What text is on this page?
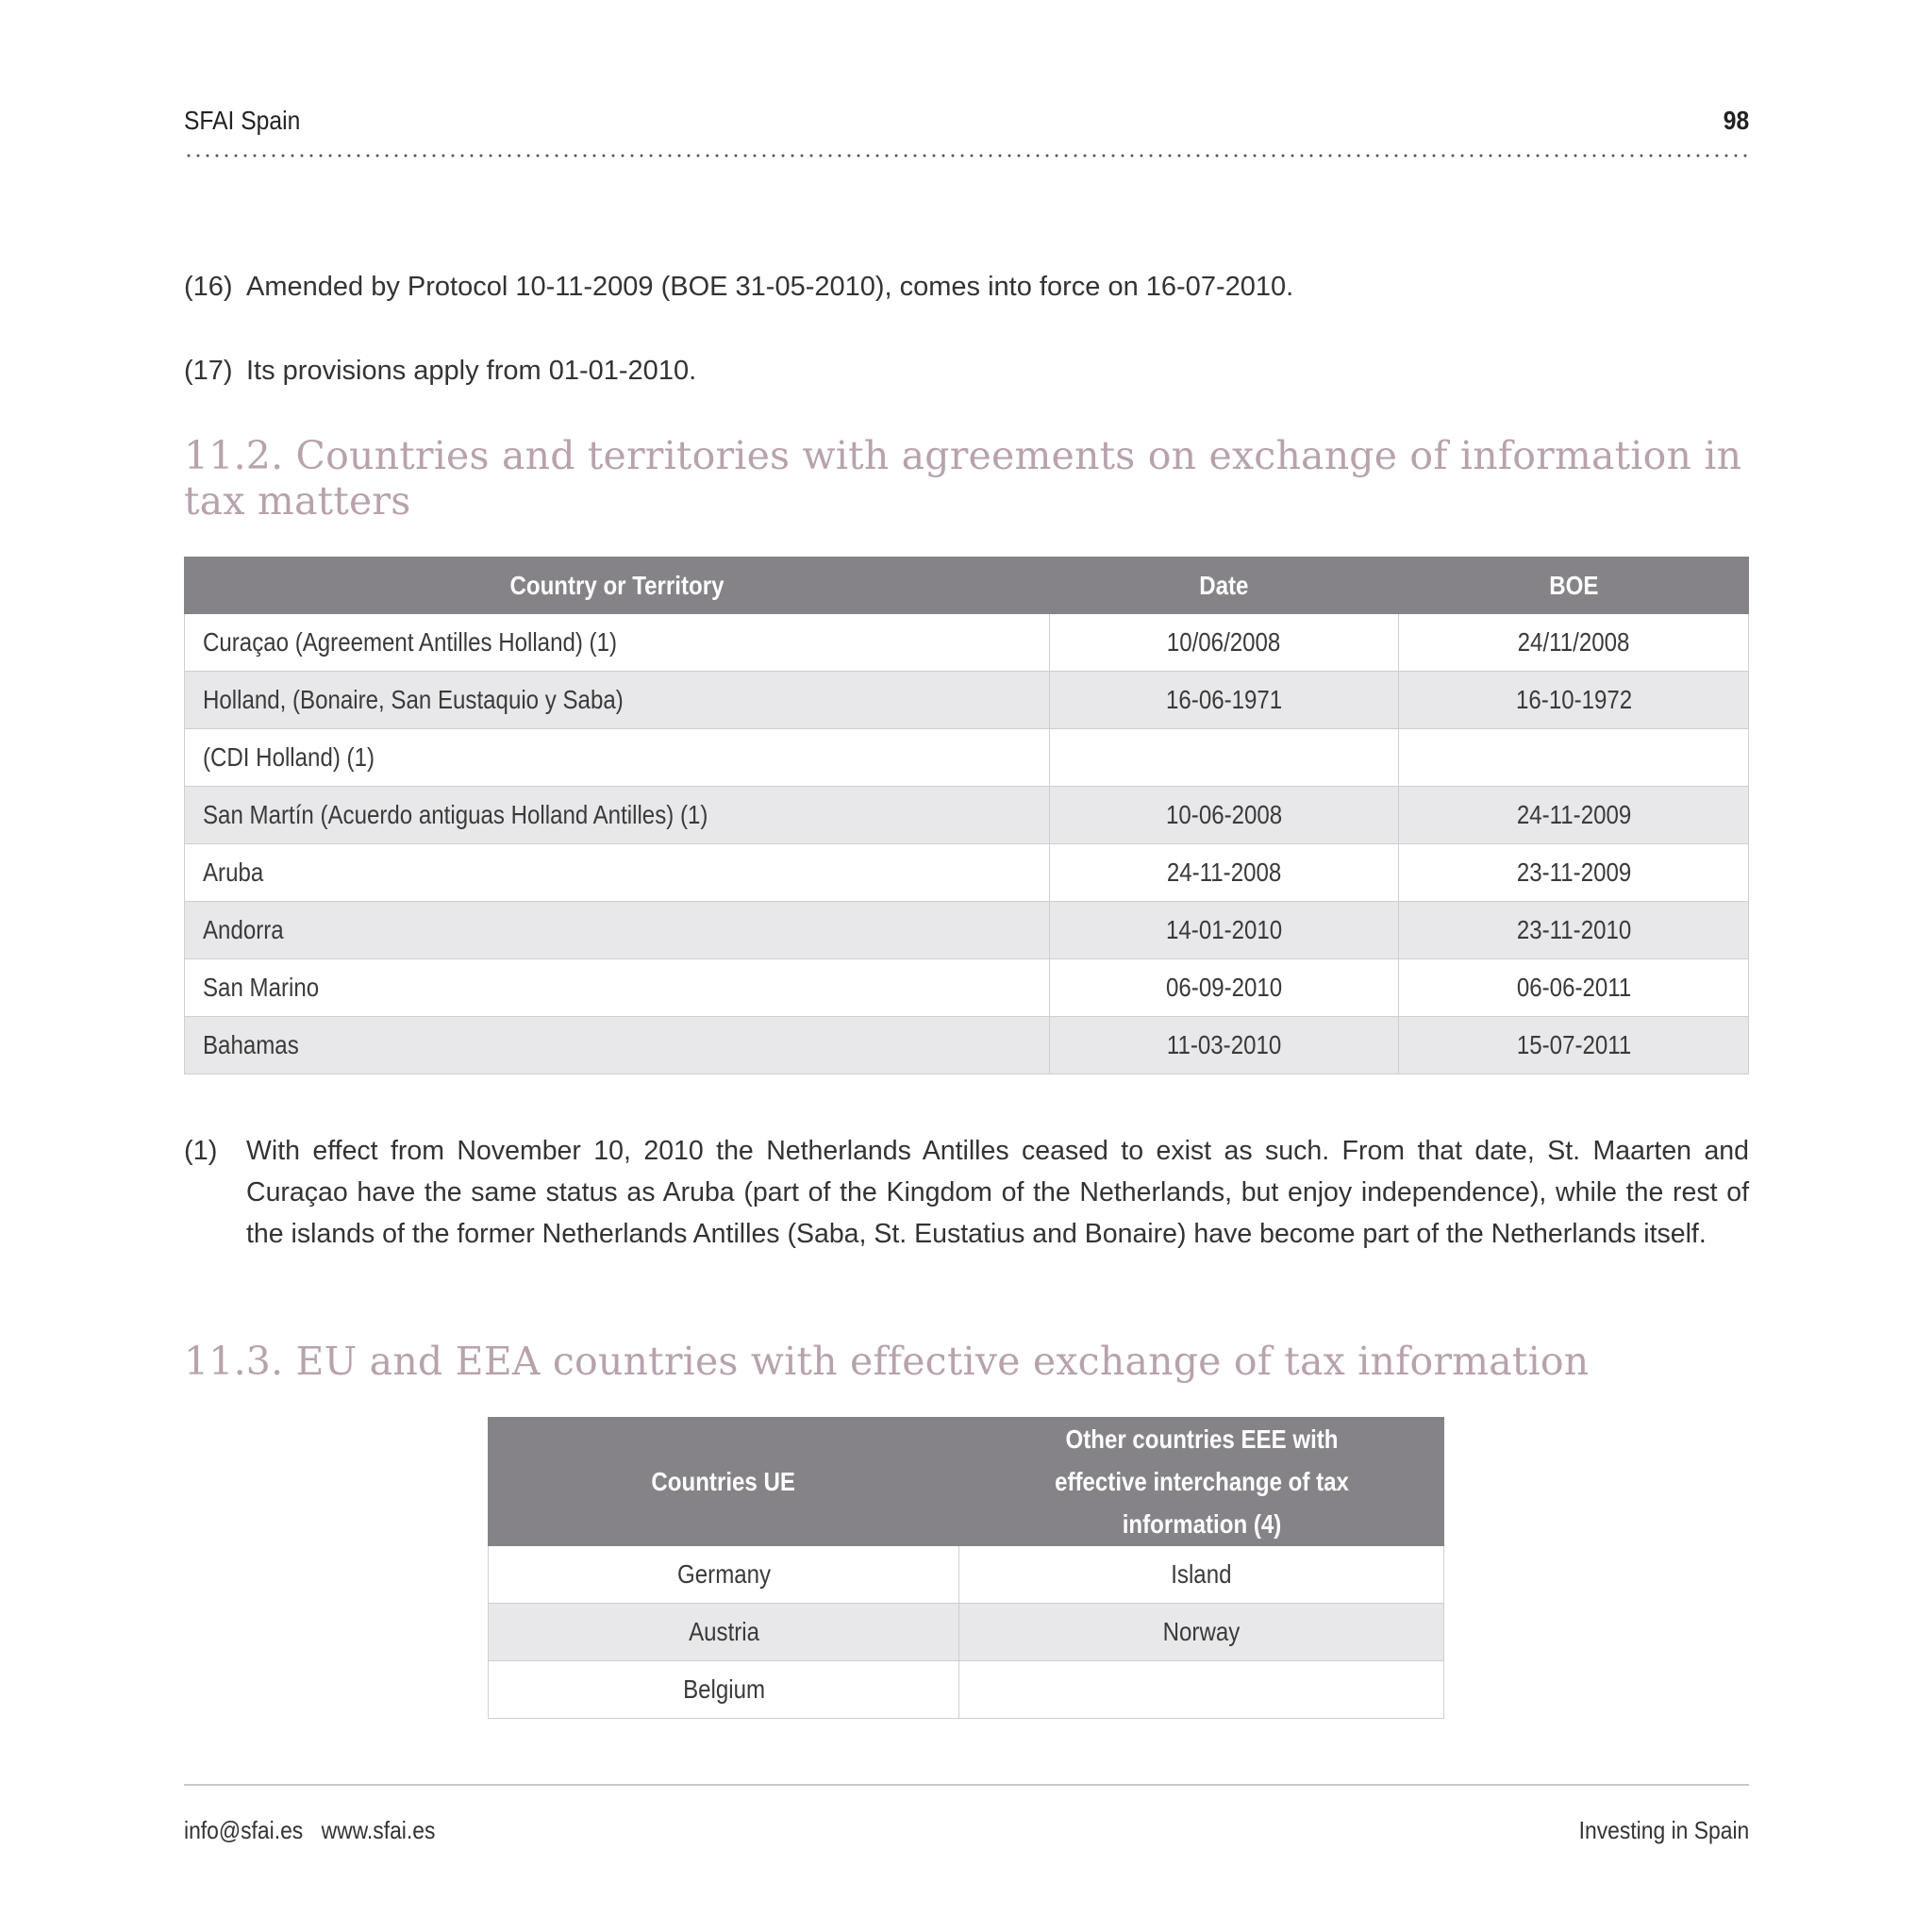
SFAI Spain	98
(16) Amended by Protocol 10-11-2009 (BOE 31-05-2010), comes into force on 16-07-2010.
(17) Its provisions apply from 01-01-2010.
11.2. Countries and territories with agreements on exchange of information in tax matters
Country or Territory	Date	BOE
Curaçao (Agreement Antilles Holland) (1)	10/06/2008	24/11/2008
Holland, (Bonaire, San Eustaquio y Saba)	16-06-1971	16-10-1972
(CDI Holland) (1)		
San Martín (Acuerdo antiguas Holland Antilles) (1)	10-06-2008	24-11-2009
Aruba	24-11-2008	23-11-2009
Andorra	14-01-2010	23-11-2010
San Marino	06-09-2010	06-06-2011
Bahamas	11-03-2010	15-07-2011
(1) With effect from November 10, 2010 the Netherlands Antilles ceased to exist as such. From that date, St. Maarten and Curaçao have the same status as Aruba (part of the Kingdom of the Netherlands, but enjoy independence), while the rest of the islands of the former Netherlands Antilles (Saba, St. Eustatius and Bonaire) have become part of the Netherlands itself.
11.3. EU and EEA countries with effective exchange of tax information
Countries UE	Other countries EEE with effective interchange of tax information (4)

Germany	Island
Austria	Norway
Belgium	
info@sfai.es www.sfai.es	Investing in Spain
